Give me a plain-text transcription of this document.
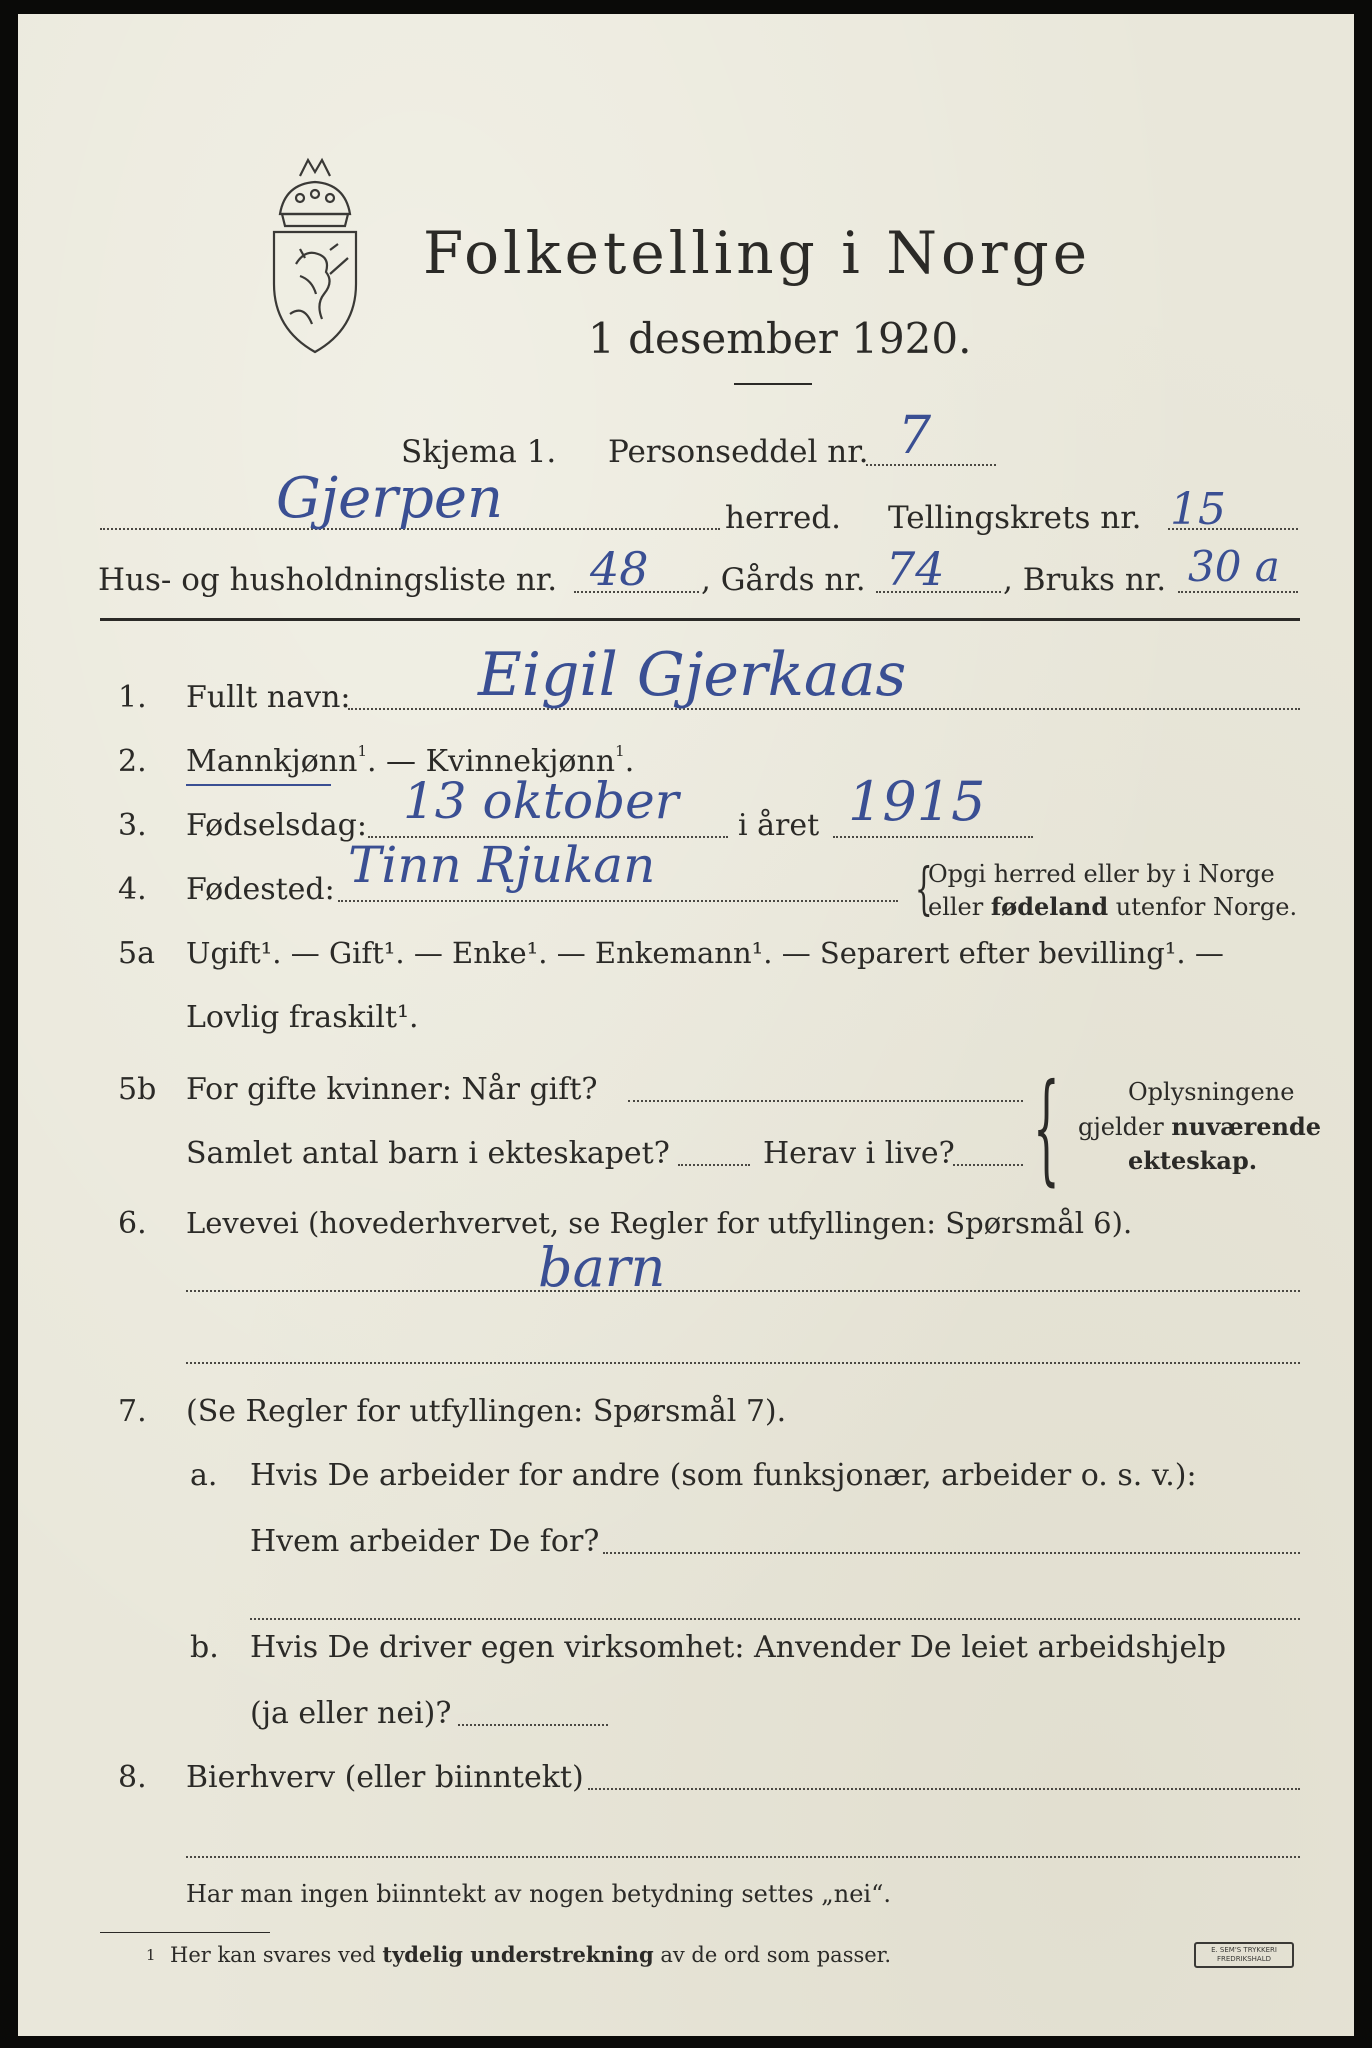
Folketelling i Norge
1 desember 1920.
Skjema 1. Personseddel nr. 7
Gjerpen	herred. Tellingskrets nr. 15
Hus- og husholdningsliste nr. 48 , Gårds nr. 74 , Bruks nr. 30 a
1. Fullt navn: Eigil Gjerkaas
2. Mannkjønn$^1$. — Kvinnekjønn$^1$.
3. Fødselsdag: 13 oktober i året 1915
4. Fødested: Tinn Rjukan	{
Opgi herred eller by i Norge
eller fødeland utenfor Norge.
5a Ugift¹. — Gift¹. — Enke¹. — Enkemann¹. — Separert efter bevilling¹. —
Lovlig fraskilt¹.
5b For gifte kvinner: Når gift?
Samlet antal barn i ekteskapet?	Herav i live? {	Oplysningene
gjelder nuværende
ekteskap.
6. Levevei (hovederhvervet, se Regler for utfyllingen: Spørsmål 6).
barn
7. (Se Regler for utfyllingen: Spørsmål 7).
a. Hvis De arbeider for andre (som funksjonær, arbeider o. s. v.):
Hvem arbeider De for?
b. Hvis De driver egen virksomhet: Anvender De leiet arbeidshjelp
(ja eller nei)?
8. Bierhverv (eller biinntekt)
Har man ingen biinntekt av nogen betydning settes „nei“.
1 Her kan svares ved tydelig understrekning av de ord som passer.	E. SEM'S TRYKKERI
FREDRIKSHALD
